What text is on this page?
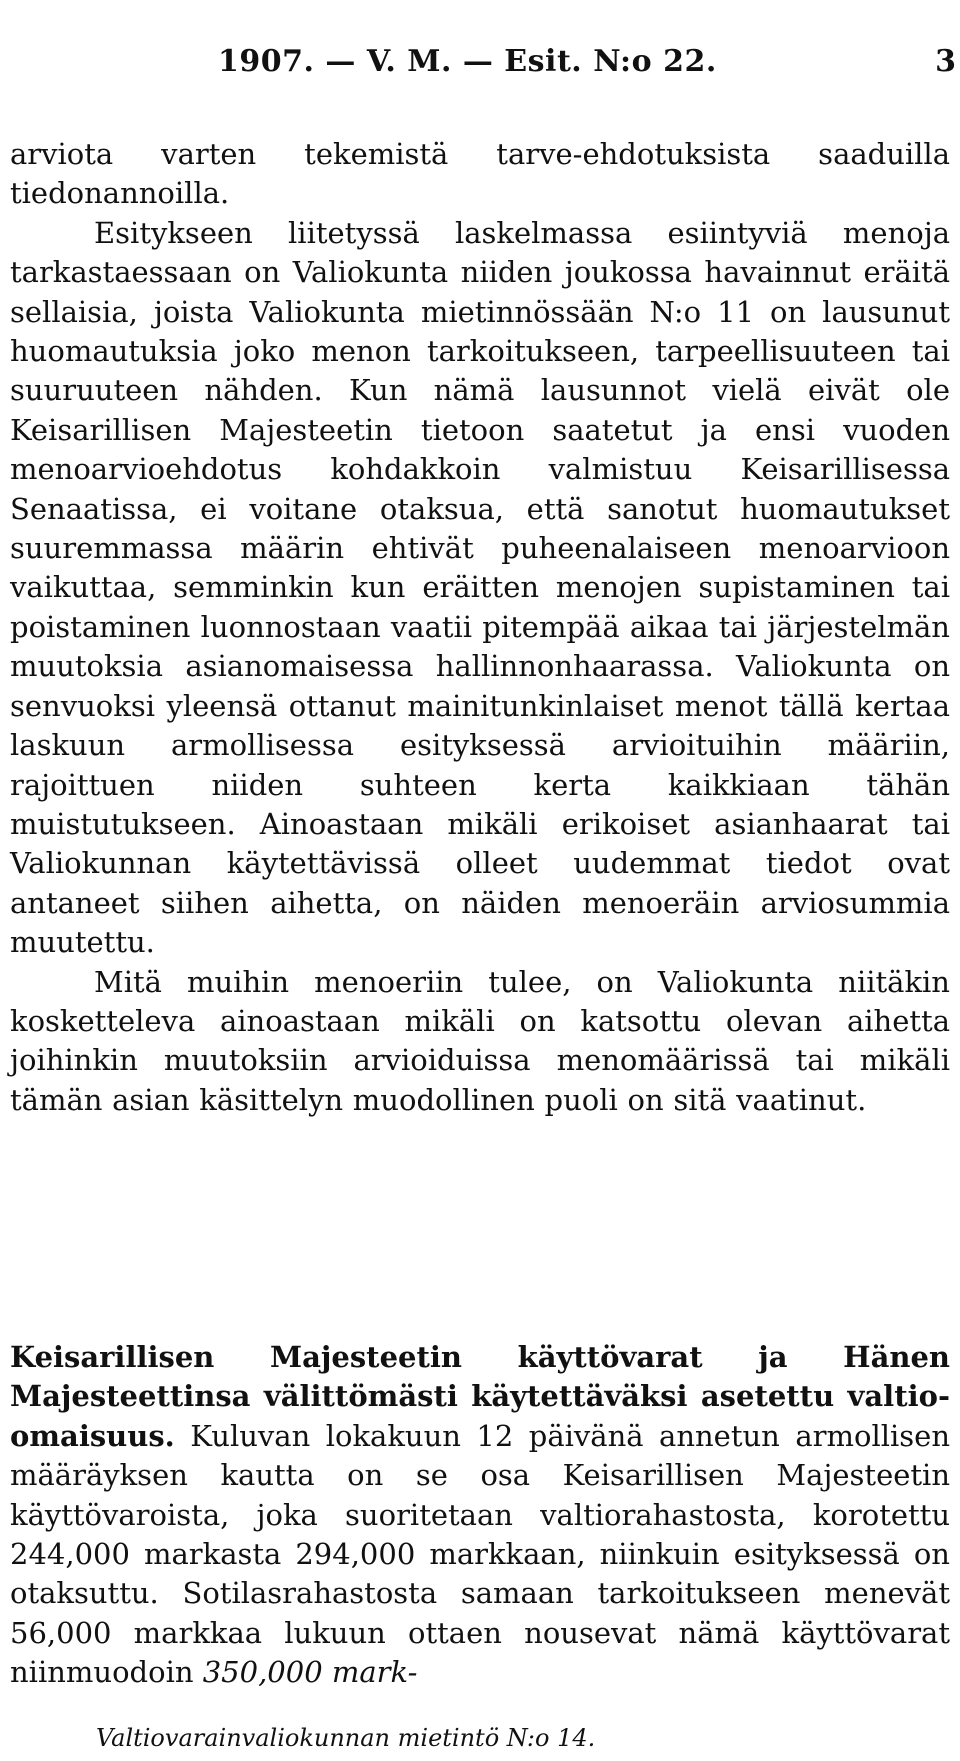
1907. — V. M. — Esit. N:o 22.	3

arviota varten tekemistä tarve-ehdotuksista saaduilla tiedonannoilla.

Esitykseen liitetyssä laskelmassa esiintyviä menoja tarkastaessaan on Valiokunta niiden joukossa havainnut eräitä sellaisia, joista Valiokunta mietinnössään N:o 11 on lausunut huomautuksia joko menon tarkoitukseen, tarpeellisuuteen tai suuruuteen nähden. Kun nämä lausunnot vielä eivät ole Keisarillisen Majesteetin tietoon saatetut ja ensi vuoden menoarvioehdotus kohdakkoin valmistuu Keisarillisessa Senaatissa, ei voitane otaksua, että sanotut huomautukset suuremmassa määrin ehtivät puheenalaiseen menoarvioon vaikuttaa, semminkin kun eräitten menojen supistaminen tai poistaminen luonnostaan vaatii pitempää aikaa tai järjestelmän muutoksia asianomaisessa hallinnonhaarassa. Valiokunta on senvuoksi yleensä ottanut mainitunkinlaiset menot tällä kertaa laskuun armollisessa esityksessä arvioituihin määriin, rajoittuen niiden suhteen kerta kaikkiaan tähän muistutukseen. Ainoastaan mikäli erikoiset asianhaarat tai Valiokunnan käytettävissä olleet uudemmat tiedot ovat antaneet siihen aihetta, on näiden menoeräin arviosummia muutettu.

Mitä muihin menoeriin tulee, on Valiokunta niitäkin kosketteleva ainoastaan mikäli on katsottu olevan aihetta joihinkin muutoksiin arvioiduissa menomäärissä tai mikäli tämän asian käsittelyn muodollinen puoli on sitä vaatinut.

Keisarillisen Majesteetin käyttövarat ja Hänen Majesteettinsa välittömästi käytettäväksi asetettu valtio-omaisuus. Kuluvan lokakuun 12 päivänä annetun armollisen määräyksen kautta on se osa Keisarillisen Majesteetin käyttövaroista, joka suoritetaan valtiorahastosta, korotettu 244,000 markasta 294,000 markkaan, niinkuin esityksessä on otaksuttu. Sotilasrahastosta samaan tarkoitukseen menevät 56,000 markkaa lukuun ottaen nousevat nämä käyttövarat niinmuodoin 350,000 mark-
Valtiovarainvaliokunnan mietintö N:o 14.
